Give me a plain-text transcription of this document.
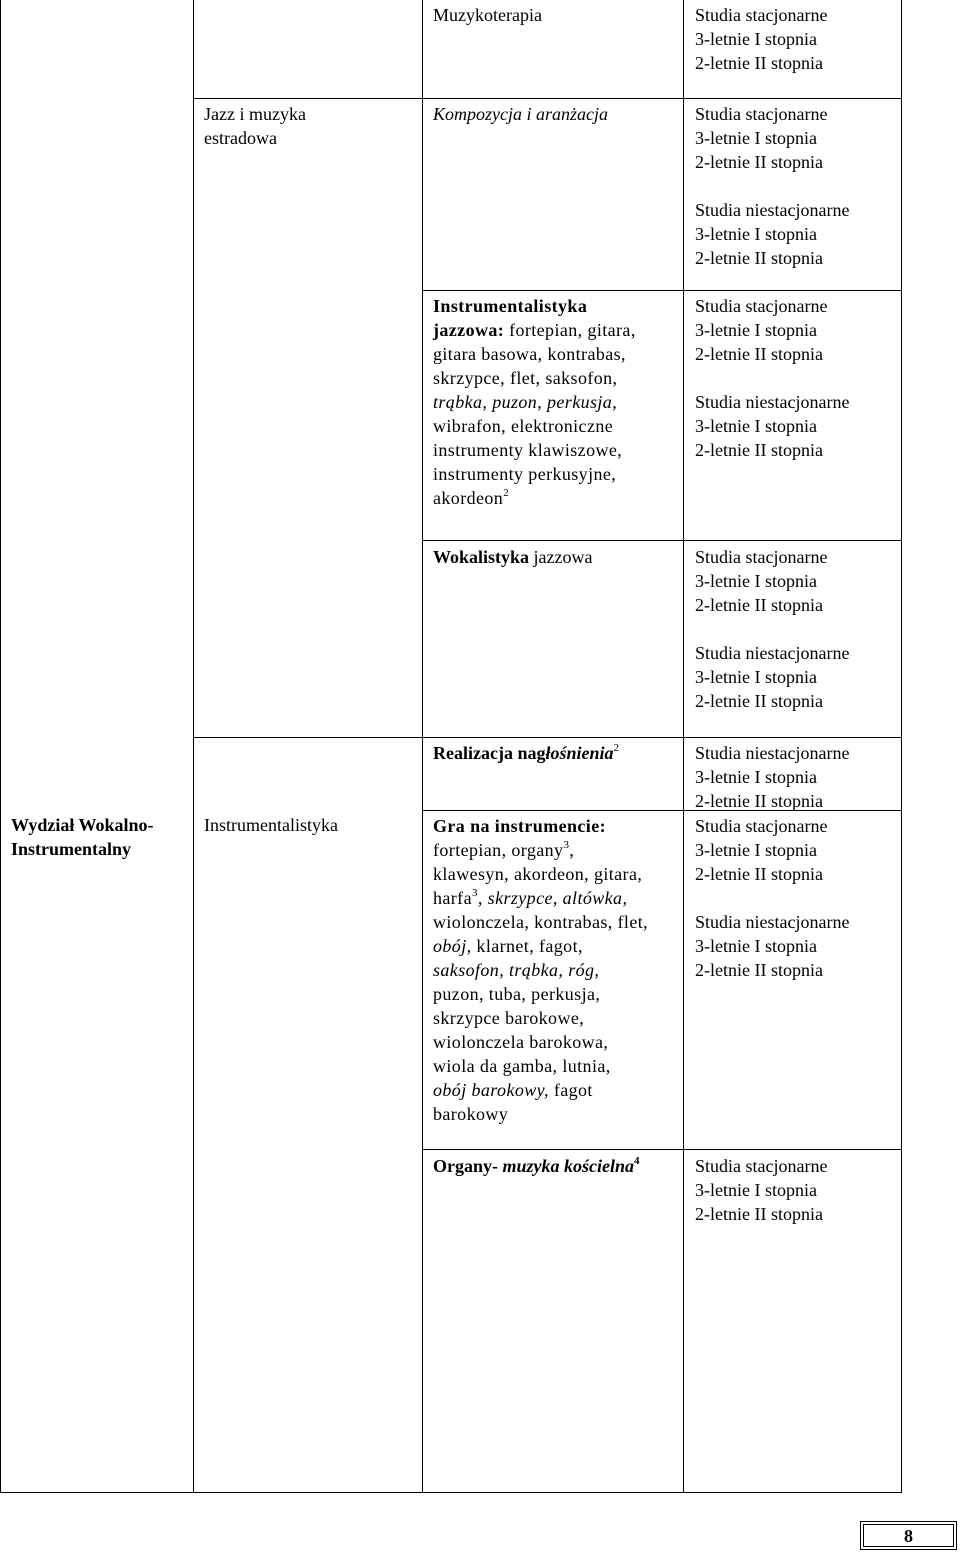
Wydział Wokalno-
Instrumentalny
Jazz i muzyka
estradowa
Instrumentalistyka
Muzykoterapia
Kompozycja i aranżacja
Instrumentalistyka
jazzowa: fortepian, gitara,
gitara basowa, kontrabas,
skrzypce, flet, saksofon,
trąbka, puzon, perkusja,
wibrafon, elektroniczne
instrumenty klawiszowe,
instrumenty perkusyjne,
akordeon$^2$
Wokalistyka jazzowa
Realizacja nagłośnienia$^2$
Gra na instrumencie:
fortepian, organy$^3$,
klawesyn, akordeon, gitara,
harfa$^3$, skrzypce, altówka,
wiolonczela, kontrabas, flet,
obój, klarnet, fagot,
saksofon, trąbka, róg,
puzon, tuba, perkusja,
skrzypce barokowe,
wiolonczela barokowa,
wiola da gamba, lutnia,
obój barokowy, fagot
barokowy
Organy- muzyka kościelna$^4$
Studia stacjonarne
3-letnie I stopnia
2-letnie II stopnia
Studia stacjonarne
3-letnie I stopnia
2-letnie II stopnia
Studia niestacjonarne
3-letnie I stopnia
2-letnie II stopnia
Studia stacjonarne
3-letnie I stopnia
2-letnie II stopnia
Studia niestacjonarne
3-letnie I stopnia
2-letnie II stopnia
Studia stacjonarne
3-letnie I stopnia
2-letnie II stopnia
Studia niestacjonarne
3-letnie I stopnia
2-letnie II stopnia
Studia niestacjonarne
3-letnie I stopnia
2-letnie II stopnia
Studia stacjonarne
3-letnie I stopnia
2-letnie II stopnia
Studia niestacjonarne
3-letnie I stopnia
2-letnie II stopnia
Studia stacjonarne
3-letnie I stopnia
2-letnie II stopnia
8
